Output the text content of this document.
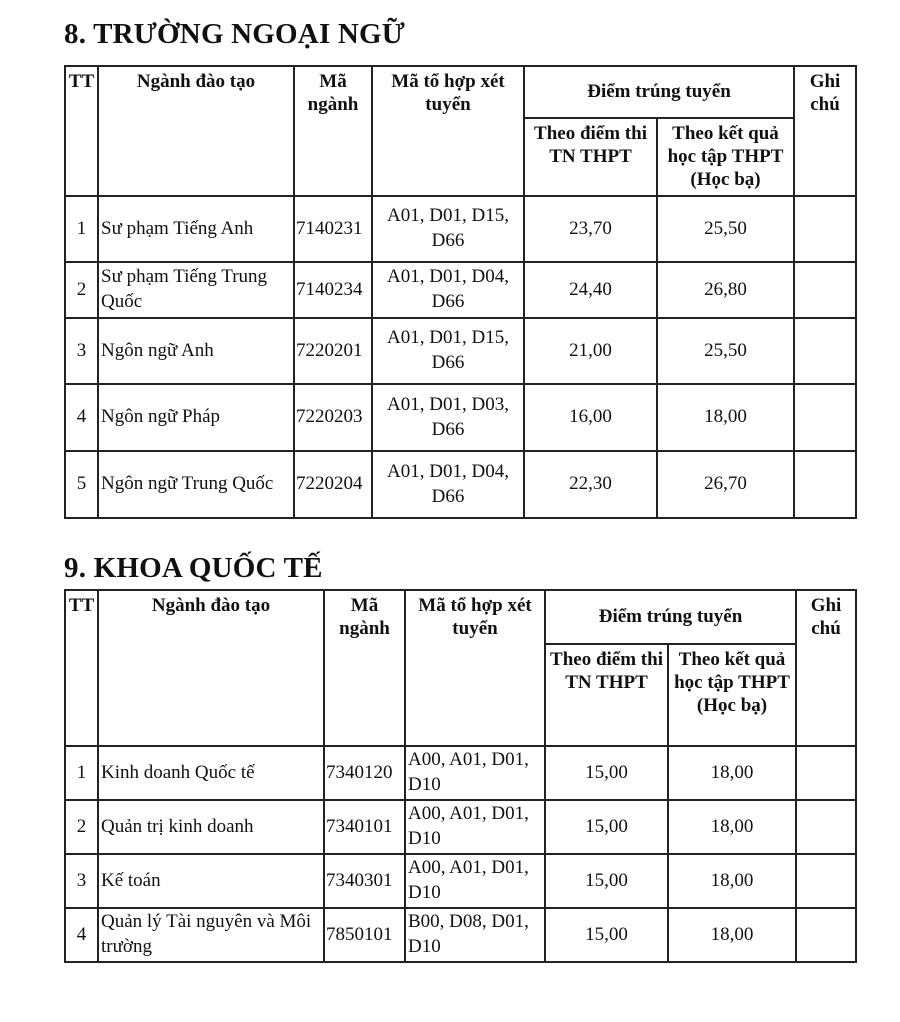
8. TRƯỜNG NGOẠI NGỮ
TT	Ngành đào tạo	Mã ngành	Mã tổ hợp xét tuyển	Điểm trúng tuyển		Ghi chú
				Theo điểm thi TN THPT	Theo kết quả học tập THPT (Học bạ)	
1	Sư phạm Tiếng Anh	7140231	A01, D01, D15, D66	23,70	25,50	
2	Sư phạm Tiếng Trung Quốc	7140234	A01, D01, D04, D66	24,40	26,80	
3	Ngôn ngữ Anh	7220201	A01, D01, D15, D66	21,00	25,50	
4	Ngôn ngữ Pháp	7220203	A01, D01, D03, D66	16,00	18,00	
5	Ngôn ngữ Trung Quốc	7220204	A01, D01, D04, D66	22,30	26,70	
9. KHOA QUỐC TẾ
TT	Ngành đào tạo	Mã ngành	Mã tổ hợp xét tuyển	Điểm trúng tuyển		Ghi chú
				Theo điểm thi TN THPT	Theo kết quả học tập THPT (Học bạ)	
1	Kinh doanh Quốc tế	7340120	A00, A01, D01, D10	15,00	18,00	
2	Quản trị kinh doanh	7340101	A00, A01, D01, D10	15,00	18,00	
3	Kế toán	7340301	A00, A01, D01, D10	15,00	18,00	
4	Quản lý Tài nguyên và Môi trường	7850101	B00, D08, D01, D10	15,00	18,00	
